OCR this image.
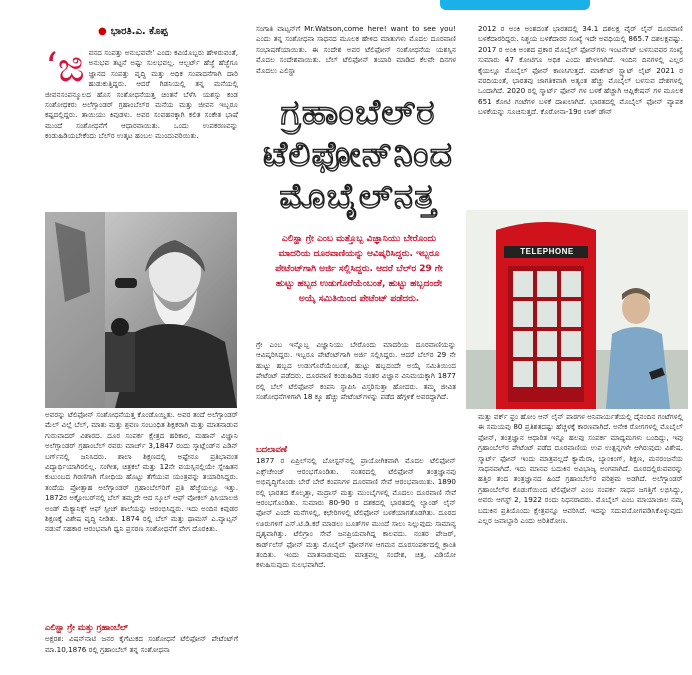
● ಭಾರತಿ.ಎ. ಕೊಪ್ಪ
‘ಜಿ ವನದ ಸಂಪತ್ತು ಅನುಭವವೇ’ ಎಂದು ಕವಿಯೊಬ್ಬರು ಹೇಳಿರುವಂತೆ, ಅನುಭವ ತಟ್ಟನೆ ಅಷ್ಟು ಸುಲಭವಲ್ಲ. ಆಲ್ಬರ್ಟ್ ಹೆಜ್ಜೆ ಹೆಜ್ಜೆಗೂ ಜ್ಞಾನದ ಸಂಪತ್ತು ವೃದ್ಧಿ ಮತ್ತು ಅಧಿಕ ಸಂಪಾದನೆಗಾಗಿ ದಾರಿ ಹುಡುಕುತ್ತಿದ್ದರು. ಆದರೆ ಗಿಡನಿಯಲ್ಲಿ ತನ್ನ ಮನೆಯಲ್ಲಿ ಜೀವನಸಂಪನ್ಮೂಲದ ಹೊಸ ಸಂಶೋಧನೆಯತ್ತ ಚಿಂತನೆ ಬೆಳೆಸಿ ಯಶಸ್ಸು ಕಂಡ ಸಂಶೋಧಕರು ಅಲೆಗ್ಸಾಂಡರ್ ಗ್ರಹಾಂಬೆಲ್‌ರ ಮನೆಯ ಮತ್ತು ಜೀವನ ಇಬ್ಬರೂ ಕಷ್ಟದಲ್ಲಿದ್ದರು. ತಾಯಿಯು ಕಿವುಡಳು. ಅವರ ಸಂವಹನಕ್ಕಾಗಿ ಕಲಿತ ಸಂಕೇತ ಭಾಷೆ ಮುಂದೆ ಸಂಶೋಧನೆಗೆ ಆಧಾರವಾಯಿತು. ಒಂದು ಉಪಕರಣವನ್ನು ಕಂಡುಹಿಡಿಯಬೇಕೆಂದು ಬೆಲ್‌ರ ಉತ್ಕಟ ಹಂಬಲ ಮುಂದುವರಿಯಿತು.

ಅವರನ್ನು ಟೆಲಿಫೋನ್ ಸಂಶೋಧನೆಯತ್ತ ಕೊಂಡೊಯ್ದಿತು. ಅವರ ತಂದೆ ಅಲೆಗ್ಸಾಂಡರ್ ಮೆಲ್ ವಿಲ್ಲೆ ಬೆಲ್, ಮಾತು ಮತ್ತು ಶ್ರವಣ ಸಂಬಂಧಿತ ಶಿಕ್ಷಕರಾಗಿ ಮತ್ತು ಮಾತನಾಡುವ ಗುರುವಾದರ್ ವಿಶಾರದ. ದೂರ ಸಂಪರ್ಕ ಕ್ಷೇತ್ರದ ಹರಿಕಾರ, ಮಹಾನ್ ವಿಜ್ಞಾನಿ ಅಲೆಗ್ಸಾಂಡರ್ ಗ್ರಹಾಂಬೆಲ್ ರವರು ಮಾರ್ಚ್ 3,1847 ರಂದು ಸ್ಕಾಟ್ಲೆಂಡ್‌ನ ಎಡಿನ್ ಬರ್ಗ್‌ನಲ್ಲಿ ಜನಿಸಿದರು. ಶಾಲಾ ಶಿಕ್ಷಣದಲ್ಲಿ ಅಷ್ಟೇನೂ ಪ್ರತಿಭಾವಂತ ವಿದ್ಯಾರ್ಥಿಯಾಗಿರಲಿಲ್ಲ. ಸಂಗೀತ, ಚಿತ್ರಕಲೆ ಮತ್ತು 12ನೇ ವಯಸ್ಸಿನಲ್ಲಿಯೇ ಸ್ನೇಹಿತನ ಕುಟುಂಬದ ಗಿರಣಿಗಾಗಿ ಗೋಧಿಯ ಹೊಟ್ಟು ತೆಗೆಯುವ ಯಂತ್ರವನ್ನು ತಯಾರಿಸಿದ್ದರು. ತಂದೆಯ ಪ್ರೋತ್ಸಾಹ ಅಲೆಗ್ಸಾಂಡರ್ ಗ್ರಹಾಂಬೆಲ್‌ರಿಗೆ ಪ್ರತಿ ಹೆಜ್ಜೆಯಲ್ಲೂ ಇತ್ತು. 1872ರ ಅಕ್ಟೋಬರ್‌ನಲ್ಲಿ ಬೆಲ್ ತಮ್ಮದೇ ಆದ ಸ್ಕೂಲ್ ಆಫ್ ವೋಕಲ್ ಫಿಸಿಯಾಲಜಿ ಅಂಡ್ ಮೆಕ್ಯಾನಿಕ್ಸ್ ಆಫ್ ಸ್ಪೀಚ್ ಶಾಲೆಯನ್ನು ಆರಂಭಿಸಿದ್ದರು. ಇದು ಅಂದಿನ ಕಿವುಡರ ಶಿಕ್ಷಣಕ್ಕೆ ವಿಶೇಷ ವೃದ್ಧಿ ನೀಡಿತು. 1874 ರಲ್ಲಿ ಬೆಲ್ ಮತ್ತು ಥಾಮಸ್ ಎ.ವ್ಯಾಟ್ಸನ್ ನಡುವೆ ಸಹಕಾರ ಆರಂಭವಾಗಿ ಧ್ವನಿ ಪ್ರಸರಣ ಸಂಶೋಧನೆಗೆ ವೇಗ ದೊರಕಿತು.

ಎಲಿಸ್ಹಾ ಗ್ರೇ ಮತ್ತು ಗ್ರಹಾಂಬೆಲ್

ಅಕ್ಷರಶ: ವಿಷನ್‌ನಾಟಿ ಜನರ ಕೈಗೆಟುಕದ ಸಂಶೋಧನೆ ಟೆಲಿಫೋನ್ ಪೇಟೆಂಟ್‌ಗೆ ಮಾ.10,1876 ರಲ್ಲಿ ಗ್ರಹಾಂಬೆಲ್ ತನ್ನ ಸಂಶೋಧನಾ

ಸಂಗಾತಿ ವಾಟ್ಸನ್‌ಗೆ Mr.Watson,come here! want to see you! ಎಂದು ತನ್ನ ಸಂಶೋಧನಾ ಸಾಧನದ ಮೂಲಕ ಹೇಳಿದ ಮಾತುಗಳು ಮೊದಲ ದೂರವಾಣಿ ಸಂಭಾಷಣೆಯಾಯಿತು. ಈ ಸಂದೇಶ ಅವರ ಟೆಲಿಫೋನ್ ಸಂಶೋಧನೆಯ ಯಶಸ್ಸಿನ ಮೊದಲ ಸಂದೇಶವಾಯಿತು. ಬೆಲ್ ಟೆಲಿಫೋನ್ ತಯಾರಿ ಮಾಡಿದ ಕೆಲವೇ ದಿನಗಳ ಮೊದಲು ಎಲಿಸ್ಹಾ

ಗ್ರಹಾಂಬೆಲ್‌ರ
ಟೆಲಿಫೋನ್‌ನಿಂದ
ಮೊಬೈಲ್‌ನತ್ತ
ಎಲಿಸ್ಹಾ ಗ್ರೇ ಎಂಬ ಮತ್ತೊಬ್ಬ ವಿಜ್ಞಾನಿಯು ಬೇರೊಂದು ಮಾದರಿಯ ದೂರವಾಣಿಯನ್ನು ಆವಿಷ್ಕರಿಸಿದ್ದರು. ಇಬ್ಬರೂ ಪೇಟೆಂಟ್‌ಗಾಗಿ ಅರ್ಜಿ ಸಲ್ಲಿಸಿದ್ದರು. ಆದರೆ ಬೆಲ್‌ರ 29 ಗೇ ಹುಟ್ಟು ಹಬ್ಬದ ಉಡುಗೊರೆಯೆಂಬಂತೆ, ಹುಟ್ಟು ಹಬ್ಬದಂದೇ ಅಯ್ಕೆ ಸಮಿತಿಯಿಂದ ಪೇಟೆಂಟ್ ಪಡೆದರು.

ಗ್ರೇ ಎಂಬ ಇನ್ನೊಬ್ಬ ವಿಜ್ಞಾನಿಯು ಬೇರೊಂದು ಮಾದರಿಯ ದೂರವಾಣಿಯನ್ನು ಆವಿಷ್ಕರಿಸಿದ್ದರು. ಇಬ್ಬರೂ ಪೇಟೆಂಟ್‌ಗಾಗಿ ಅರ್ಜಿ ಸಲ್ಲಿಸಿದ್ದರು. ಆದರೆ ಬೆಲ್‌ರ 29 ನೇ ಹುಟ್ಟು ಹಬ್ಬದ ಉಡುಗೊರೆಯೆಂಬಂತೆ, ಹುಟ್ಟು ಹಬ್ಬದಂದೇ ಅಯ್ಕೆ ಸಮಿತಿಯಿಂದ ಪೇಟೆಂಟ್ ಪಡೆದರು. ದೂರವಾಣಿ ಕಂಡುಹಿಡಿದ ನಂತರ ವಿಜ್ಞಾನ ವಿನಿಮಯಕ್ಕಾಗಿ 1877 ರಲ್ಲಿ ಬೆಲ್ ಟೆಲಿಫೋನ್ ಕಂಪನಿ ಸ್ಥಾಪಿಸಿ ವಿಸ್ತರಿಸುತ್ತಾ ಹೋದರು. ತಮ್ಮ ಜೀವಿತ ಸಂಶೋಧನೆಗಳಿಗಾಗಿ 18 ಕ್ಕೂ ಹೆಚ್ಚು ಪೇಟೆಂಟ್‌ಗಳನ್ನು ಪಡೆದ ಹೆಗ್ಗಳಿಕೆ ಅವರದ್ದಾಗಿದೆ.

ಬದಲಾವಣೆ

1877 ರ ಏಪ್ರಿಲ್‌ನಲ್ಲಿ ಬೋಸ್ಟನ್‌ನಲ್ಲಿ ಪ್ರಾಯೋಗಿಕವಾಗಿ ಮೊದಲ ಟೆಲಿಫೋನ್ ಎಕ್ಸ್‌ಚೇಂಜ್ ಆರಂಭಗೊಂಡಿತು. ನಂತರದಲ್ಲಿ ಟೆಲಿಫೋನ್ ತಂತ್ರಜ್ಞಾನವು ಅಭಿವೃದ್ಧಿಗೊಂಡು ಬೇರೆ ಬೇರೆ ಕಂಪನಿಗಳ ದೂರವಾಣಿ ಸೇವೆ ಆರಂಭವಾಯಿತು. 1890 ರಲ್ಲಿ ಭಾರತದ ಕೊಲ್ಕತ್ತಾ, ಮದ್ರಾಸ್ ಮತ್ತು ಮುಂಬೈಗಳಲ್ಲಿ ಮೊದಲು ದೂರವಾಣಿ ಸೇವೆ ಆರಂಭಗೊಂಡಿತು. ಸುಮಾರು 80-90 ರ ದಶಕದಲ್ಲಿ ಭಾರತದಲ್ಲಿ ಲ್ಯಾಂಡ್ ಲೈನ್ ಫೋನ್ ಎಂದೇ ಮನೆಗಳಲ್ಲಿ, ಕಛೇರಿಗಳಲ್ಲಿ ಟೆಲಿಫೋನ್ ಬಳಕೆಯಾಗತೊಡಗಿತು. ದೂರದ ಊರುಗಳಿಗೆ ಎಸ್.ಟಿ.ಡಿ.ಕರೆ ಮಾಡಲು ಬೂತ್‌ಗಳ ಮುಂದೆ ಸಾಲು ನಿಲ್ಲುವುದು ಸಾಮಾನ್ಯ ದೃಶ್ಯವಾಗಿತ್ತು. ಟೆಲಿಗ್ರಾಂ ಸೇವೆ ಜನಪ್ರಿಯವಾಗಿದ್ದ ಕಾಲವದು. ನಂತರ ಪೇಜರ್, ಕಾರ್ಡ್‌ಲೆಸ್ ಫೋನ್ ಮತ್ತು ಮೊಬೈಲ್ ಫೋನ್‌ಗಳ ಆಗಮನ ದೂರಸಂಪರ್ಕದಲ್ಲಿ ಕ್ರಾಂತಿ ತಂದಿತು. ಇಂದು ಮಾತನಾಡುವುದು ಮಾತ್ರವಲ್ಲ ಸಂದೇಶ, ಚಿತ್ರ, ವಿಡಿಯೋ ಕಳುಹಿಸುವುದು ಸುಲಭವಾಗಿದೆ.

2012 ರ ಅಂಕಿ ಅಂಶದಂತೆ ಭಾರತದಲ್ಲಿ 34.1 ದಶಲಕ್ಷ ವೈರ್ ಲೈನ್ ದೂರವಾಣಿ ಬಳಕೆದಾರರಿದ್ದರು. ನಿಶ್ಚಯ ಬಳಕೆದಾರರ ಸಂಖ್ಯೆ ಇದೇ ಅವಧಿಯಲ್ಲಿ 865.7 ದಶಲಕ್ಷವಷ್ಟು. 2017 ರ ಅಂಕಿ ಅಂಶದ ಪ್ರಕಾರ ಮೊಬೈಲ್ ಫೋನ್‌ಗಳು ಇಂಟರ್ನೆಟ್ ಬಳಸುವವರ ಸಂಖ್ಯೆ ಸುಮಾರು 47 ಕೋಟಿಗೂ ಅಧಿಕ ಎಂದು ಹೇಳಲಾಗಿದೆ. ಇಂದಿನ ದಿನಗಳಲ್ಲಿ ಎಲ್ಲರ ಕೈಯಲ್ಲೂ ಮೊಬೈಲ್ ಫೋನ್ ಕಾಣಸಿಗುತ್ತದೆ. ಮಾರ್ಕೆಟ್ ಸ್ಟ್ಯಾಟ್ ಲೈಟ್ 2021 ರ ವರದಿಯಂತೆ, ಭಾರತವು ಜಾಗತಿಕವಾಗಿ ಅತ್ಯಂತ ಹೆಚ್ಚು ಮೊಬೈಲ್ ಬಳಸುವ ದೇಶಗಳಲ್ಲಿ ಒಂದಾಗಿದೆ. 2020 ರಲ್ಲಿ ಸ್ಮಾರ್ಟ್ ಫೋನ್ ಗಳ ಬಳಕೆ ಹೆಚ್ಚಾಗಿ ಆಪ್ಲಿಕೇಷನ್ ಗಳ ಮೂಲಕ 651 ಕೋಟಿ ಗಂಟೆಗಳ ಬಳಕೆ ದಾಖಲಾಗಿದೆ. ಭಾರತದಲ್ಲಿ ಮೊಬೈಲ್ ಫೋನ್ ವ್ಯಾಪಕ ಬಳಕೆಯನ್ನು ಸೂಚಿಸುತ್ತದೆ. ಕೊರೋನಾ-19ರ ಲಾಕ್ ಡೌನ್

TELEPHONE

ಮತ್ತು ವರ್ಕ್ ಫ್ರಂ ಹೋಂ ಆನ್ ಲೈನ್ ಪಾಠಗಳ ಅನಿವಾರ್ಯತೆಯಲ್ಲಿ ದೈನಂದಿನ ಗಂಟೆಗಳಲ್ಲಿ ಈ ಸಮಯವು 80 ಪ್ರತಿಶತದಷ್ಟು ಹೆಚ್ಚಳಕ್ಕೆ ಕಾರಣವಾಗಿದೆ. ಅನೇಕ ರೋಗಗಳಲ್ಲಿ ಮೊಬೈಲ್ ಫೋನ್, ತಂತ್ರಜ್ಞಾನ ಆಧಾರಿತ ಇನ್ನೂ ಹಲವು ಸಂಪರ್ಕ ಮಾಧ್ಯಮಗಳು ಬಂದಿದ್ದು, ಇವು ಗ್ರಹಾಂಬೆಲ್‌ರ ಪೇಟೆಂಟ್ ಪಡೆದ ದೂರವಾಣಿಯ ಉಪ ಉತ್ಪನ್ನಗಳೇ ಆಗಿರುವುದು ವಿಶೇಷ. ಸ್ಮಾರ್ಟ್ ಫೋನ್ ಇಂದು ಮಾತ್ರವಲ್ಲದೆ ಕ್ಯಾಮೆರಾ, ಬ್ಯಾಂಕಿಂಗ್, ಶಿಕ್ಷಣ, ಮನರಂಜನೆಯ ಸಾಧನವಾಗಿದೆ. ಇದು ಮಾನವ ಬದುಕಿನ ಅವಿಭಾಜ್ಯ ಅಂಗವಾಗಿದೆ. ದೂರದಲ್ಲಿರುವವರನ್ನು ಹತ್ತಿರ ತಂದ ತಂತ್ರಜ್ಞಾನದ ಹಿಂದೆ ಗ್ರಹಾಂಬೆಲ್‌ರ ಪರಿಶ್ರಮ ಅಡಗಿದೆ. ಅಲೆಗ್ಸಾಂಡರ್ ಗ್ರಹಾಂಬೆಲ್‌ರ ಕೊಡುಗೆಯಿಂದ ಟೆಲಿಫೋನ್ ಎಂಬ ಸಂಪರ್ಕ ಸಾಧನ ಜಗತ್ತಿಗೆ ಲಭಿಸಿದ್ದು, ಅವರು ಆಗಸ್ಟ್ 2, 1922 ರಂದು ನಿಧನರಾದರು. ಮೊಬೈಲ್ ಎಂಬ ಮಾಯಾಜಾಲ ನಮ್ಮ ಬದುಕಿನ ಪ್ರತಿಯೊಂದು ಕ್ಷೇತ್ರವನ್ನೂ ಆವರಿಸಿದೆ. ಇದನ್ನು ಸದುಪಯೋಗಪಡಿಸಿಕೊಳ್ಳುವುದು ಎಲ್ಲರ ಜವಾಬ್ದಾರಿ ಎಂದು ಅರಿತಿರೋಣ.
